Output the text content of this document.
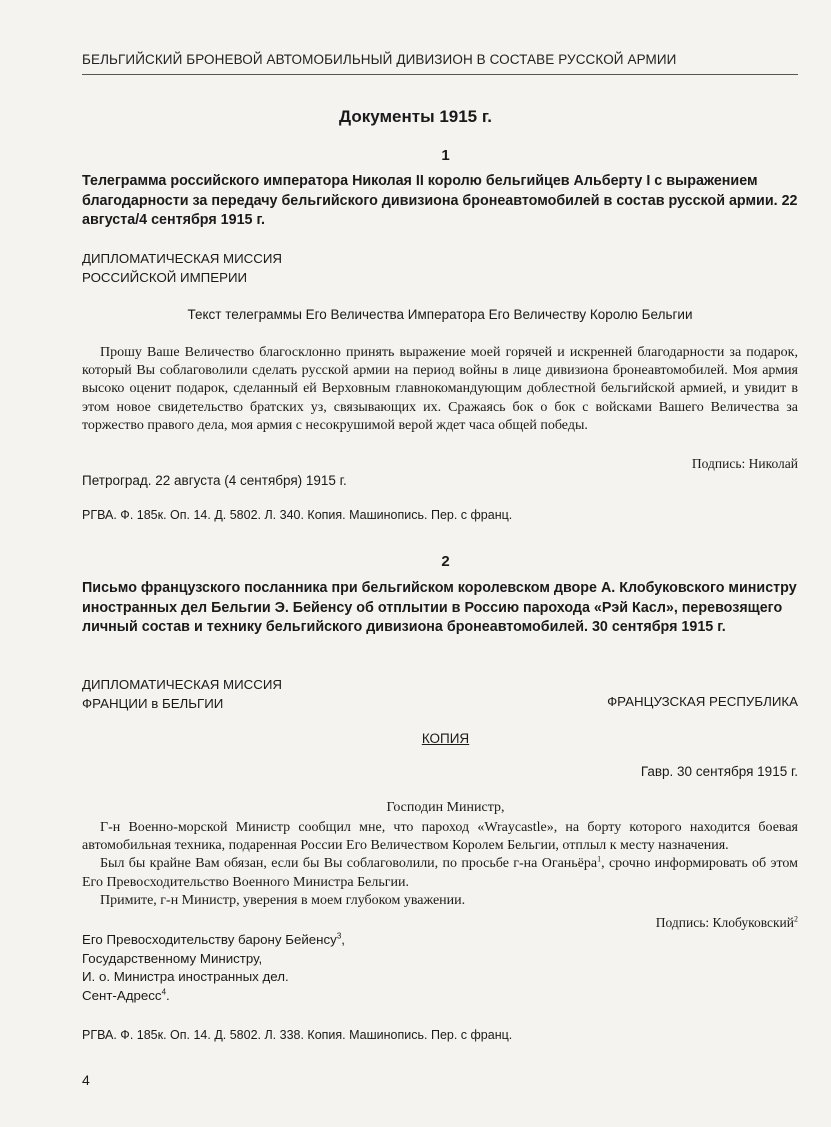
БЕЛЬГИЙСКИЙ БРОНЕВОЙ АВТОМОБИЛЬНЫЙ ДИВИЗИОН В СОСТАВЕ РУССКОЙ АРМИИ
Документы 1915 г.
1
Телеграмма российского императора Николая II королю бельгийцев Альберту I с выражением благодарности за передачу бельгийского дивизиона бронеавтомобилей в состав русской армии. 22 августа/4 сентября 1915 г.
ДИПЛОМАТИЧЕСКАЯ МИССИЯ
РОССИЙСКОЙ ИМПЕРИИ
Текст телеграммы Его Величества Императора Его Величеству Королю Бельгии

Прошу Ваше Величество благосклонно принять выражение моей горячей и искренней благодарности за подарок, который Вы соблаговолили сделать русской армии на период войны в лице дивизиона бронеавтомобилей. Моя армия высоко оценит подарок, сделанный ей Верховным главнокомандующим доблестной бельгийской армией, и увидит в этом новое свидетельство братских уз, связывающих их. Сражаясь бок о бок с войсками Вашего Величества за торжество правого дела, моя армия с несокрушимой верой ждет часа общей победы.

Подпись: Николай
Петроград. 22 августа (4 сентября) 1915 г.
РГВА. Ф. 185к. Оп. 14. Д. 5802. Л. 340. Копия. Машинопись. Пер. с франц.
2
Письмо французского посланника при бельгийском королевском дворе А. Клобуковского министру иностранных дел Бельгии Э. Бейенсу об отплытии в Россию парохода «Рэй Касл», перевозящего личный состав и технику бельгийского дивизиона бронеавтомобилей. 30 сентября 1915 г.
ДИПЛОМАТИЧЕСКАЯ МИССИЯ
ФРАНЦИИ в БЕЛЬГИИ	ФРАНЦУЗСКАЯ РЕСПУБЛИКА
КОПИЯ
Гавр. 30 сентября 1915 г.
Господин Министр,

Г-н Военно-морской Министр сообщил мне, что пароход «Wraycastle», на борту которого находится боевая автомобильная техника, подаренная России Его Величеством Королем Бельгии, отплыл к месту назначения.

Был бы крайне Вам обязан, если бы Вы соблаговолили, по просьбе г-на Оганьëра$^1$, срочно информировать об этом Его Превосходительство Военного Министра Бельгии.

Примите, г-н Министр, уверения в моем глубоком уважении.

Подпись: Клобуковский$^2$
Его Превосходительству барону Бейенсу$^3$,
Государственному Министру,
И. о. Министра иностранных дел.
Сент-Адресс$^4$.
РГВА. Ф. 185к. Оп. 14. Д. 5802. Л. 338. Копия. Машинопись. Пер. с франц.
4
